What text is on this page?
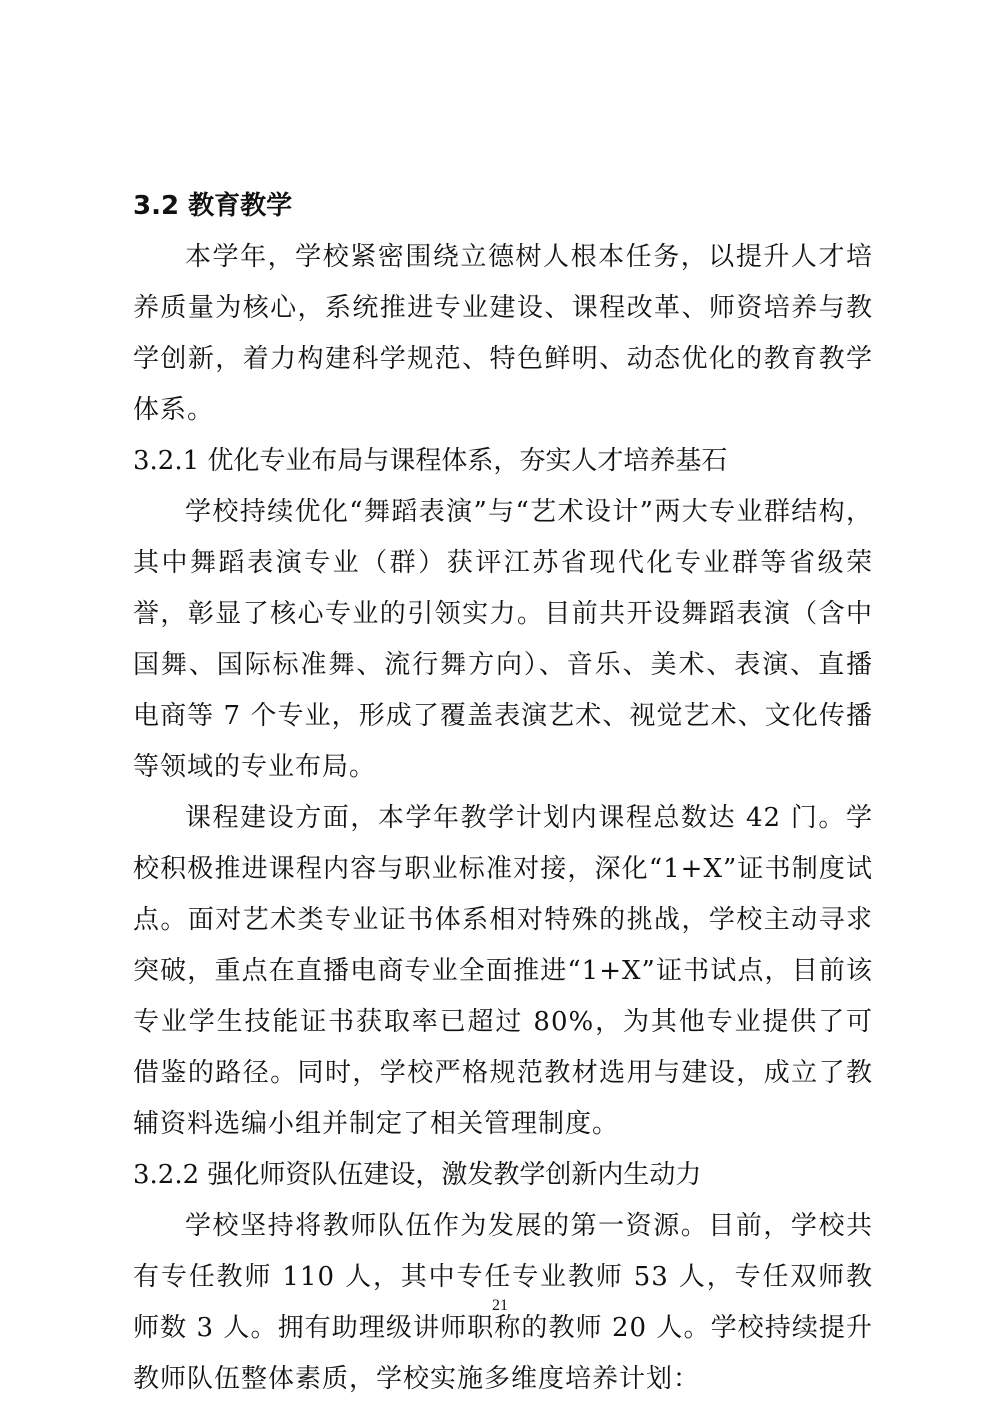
3.2 教育教学

本学年，学校紧密围绕立德树人根本任务，以提升人才培养质量为核心，系统推进专业建设、课程改革、师资培养与教学创新，着力构建科学规范、特色鲜明、动态优化的教育教学体系。

3.2.1 优化专业布局与课程体系，夯实人才培养基石

学校持续优化“舞蹈表演”与“艺术设计”两大专业群结构，其中舞蹈表演专业（群）获评江苏省现代化专业群等省级荣誉，彰显了核心专业的引领实力。目前共开设舞蹈表演（含中国舞、国际标准舞、流行舞方向）、音乐、美术、表演、直播电商等 7 个专业，形成了覆盖表演艺术、视觉艺术、文化传播等领域的专业布局。

课程建设方面，本学年教学计划内课程总数达 42 门。学校积极推进课程内容与职业标准对接，深化“1+X”证书制度试点。面对艺术类专业证书体系相对特殊的挑战，学校主动寻求突破，重点在直播电商专业全面推进“1+X”证书试点，目前该专业学生技能证书获取率已超过 80%，为其他专业提供了可借鉴的路径。同时，学校严格规范教材选用与建设，成立了教辅资料选编小组并制定了相关管理制度。

3.2.2 强化师资队伍建设，激发教学创新内生动力

学校坚持将教师队伍作为发展的第一资源。目前，学校共有专任教师 110 人，其中专任专业教师 53 人，专任双师教师数 3 人。拥有助理级讲师职称的教师 20 人。学校持续提升教师队伍整体素质，学校实施多维度培养计划：

21
